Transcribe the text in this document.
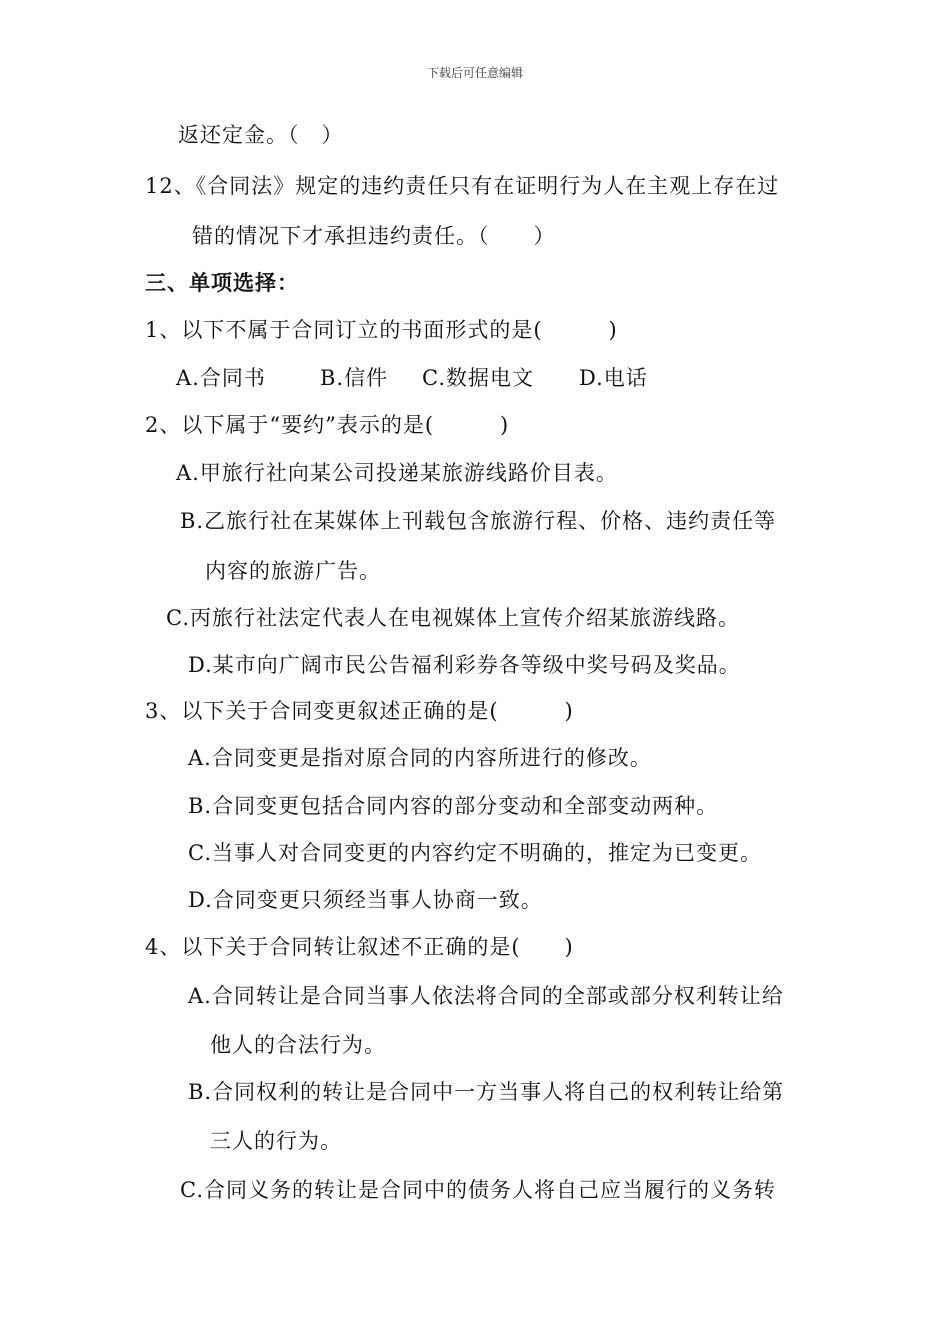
下载后可任意编辑
返还定金。（　）
12、《合同法》规定的违约责任只有在证明行为人在主观上存在过
错的情况下才承担违约责任。（　　）
三、单项选择：
1、以下不属于合同订立的书面形式的是(　　　)
A.合同书	B.信件 C.数据电文 D.电话
2、以下属于“要约”表示的是(　　　)
A.甲旅行社向某公司投递某旅游线路价目表。
B.乙旅行社在某媒体上刊载包含旅游行程、价格、违约责任等
内容的旅游广告。
C.丙旅行社法定代表人在电视媒体上宣传介绍某旅游线路。
D.某市向广阔市民公告福利彩券各等级中奖号码及奖品。
3、以下关于合同变更叙述正确的是(　　　)
A.合同变更是指对原合同的内容所进行的修改。
B.合同变更包括合同内容的部分变动和全部变动两种。
C.当事人对合同变更的内容约定不明确的，推定为已变更。
D.合同变更只须经当事人协商一致。
4、以下关于合同转让叙述不正确的是(　　)
A.合同转让是合同当事人依法将合同的全部或部分权利转让给
他人的合法行为。
B.合同权利的转让是合同中一方当事人将自己的权利转让给第
三人的行为。
C.合同义务的转让是合同中的债务人将自己应当履行的义务转
